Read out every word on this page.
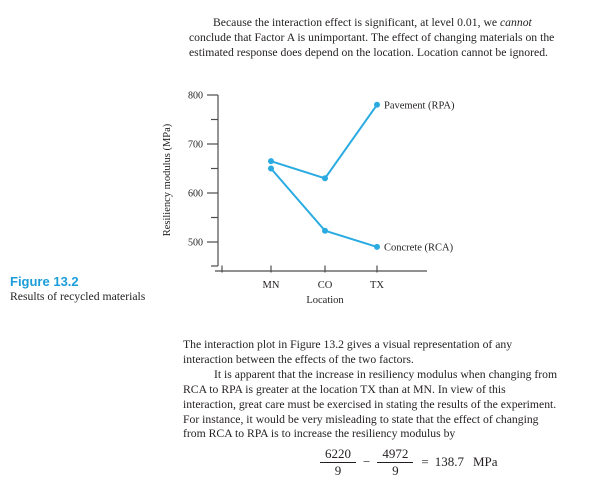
Because the interaction effect is significant, at level 0.01, we cannot
conclude that Factor A is unimportant. The effect of changing materials on the
estimated response does depend on the location. Location cannot be ignored.
800
700
600
500
Resiliency modulus (MPa)
MN	CO	TX
Location
Pavement (RPA)
Concrete (RCA)
Figure 13.2
Results of recycled materials
The interaction plot in Figure 13.2 gives a visual representation of any
interaction between the effects of the two factors.
It is apparent that the increase in resiliency modulus when changing from
RCA to RPA is greater at the location TX than at MN. In view of this
interaction, great care must be exercised in stating the results of the experiment.
For instance, it would be very misleading to state that the effect of changing
from RCA to RPA is to increase the resiliency modulus by
$\frac{6220}{9} - \frac{4972}{9} = 138.7$ MPa
